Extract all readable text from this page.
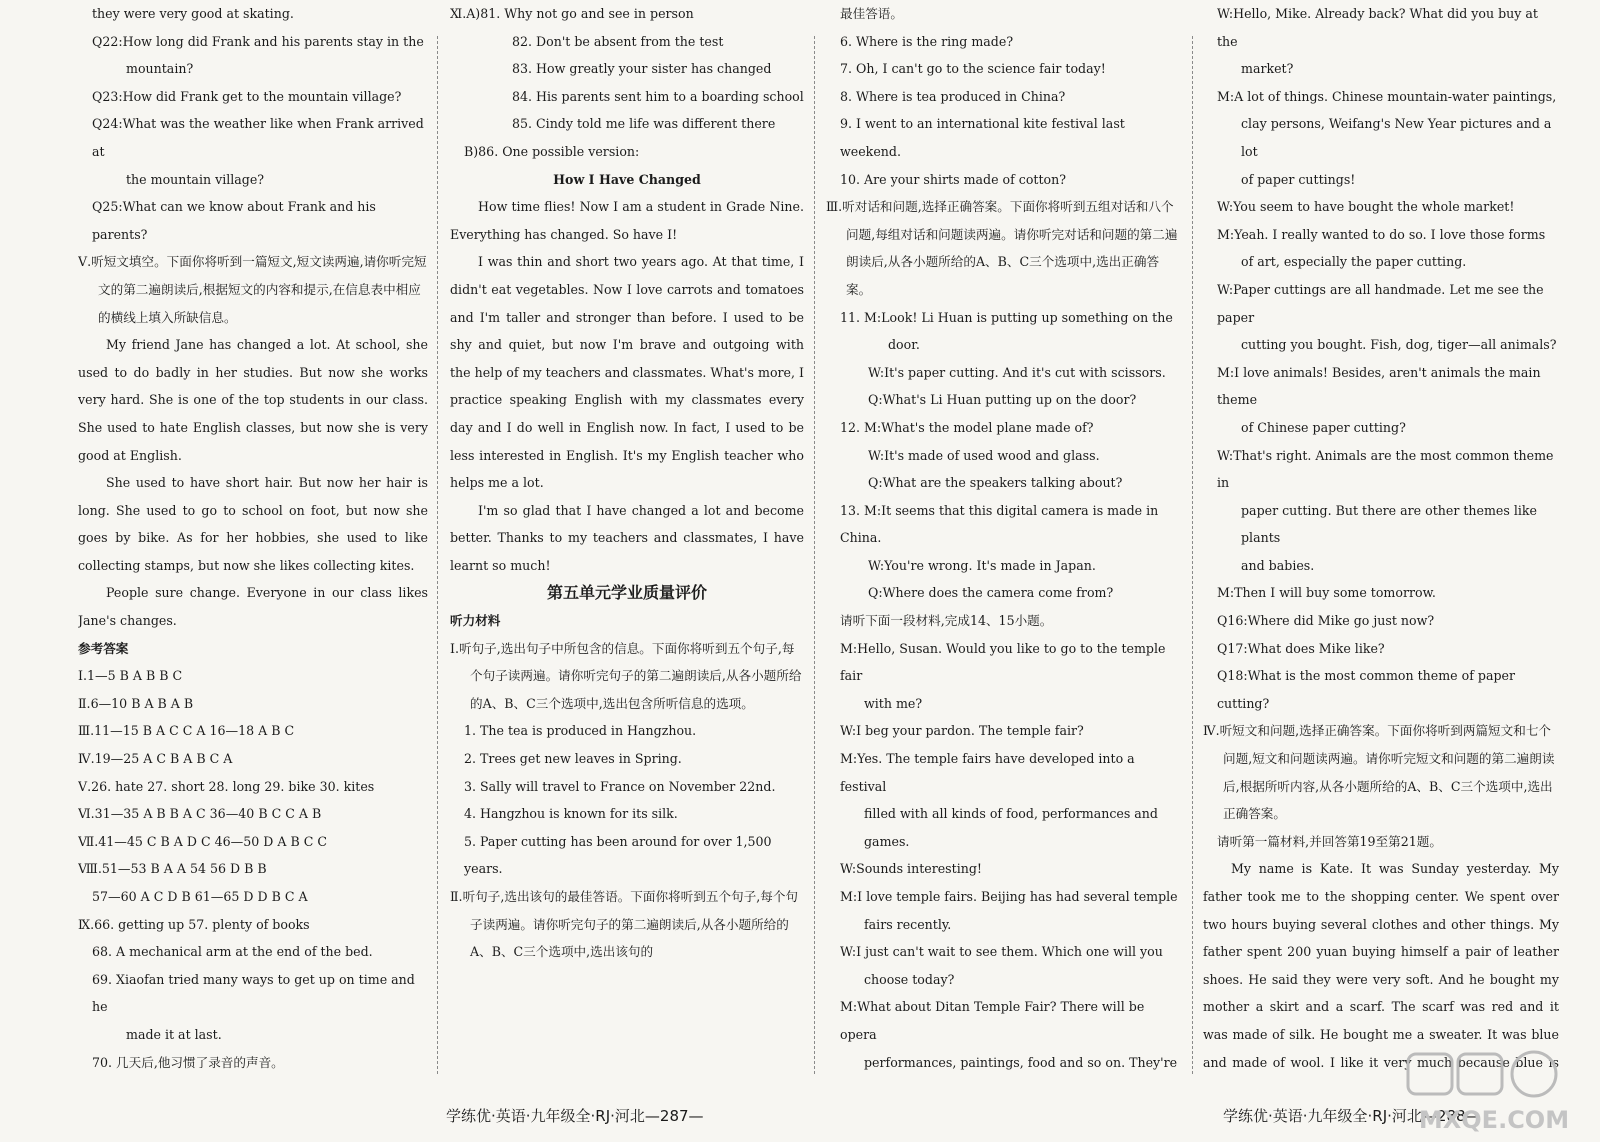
they were very good at skating.

Q22:How long did Frank and his parents stay in the

mountain?

Q23:How did Frank get to the mountain village?

Q24:What was the weather like when Frank arrived at

the mountain village?

Q25:What can we know about Frank and his parents?

Ⅴ.听短文填空。下面你将听到一篇短文,短文读两遍,请你听完短文的第二遍朗读后,根据短文的内容和提示,在信息表中相应的横线上填入所缺信息。

My friend Jane has changed a lot. At school, she used to do badly in her studies. But now she works very hard. She is one of the top students in our class. She used to hate English classes, but now she is very good at English.

She used to have short hair. But now her hair is long. She used to go to school on foot, but now she goes by bike. As for her hobbies, she used to like collecting stamps, but now she likes collecting kites.

People sure change. Everyone in our class likes Jane's changes.

参考答案

Ⅰ.1—5 B A B B C

Ⅱ.6—10 B A B A B

Ⅲ.11—15 B A C C A 16—18 A B C

Ⅳ.19—25 A C B A B C A

Ⅴ.26. hate 27. short 28. long 29. bike 30. kites

Ⅵ.31—35 A B B A C 36—40 B C C A B

Ⅶ.41—45 C B A D C 46—50 D A B C C

Ⅷ.51—53 B A A 54 56 D B B

57—60 A C D B 61—65 D D B C A

Ⅸ.66. getting up 57. plenty of books

68. A mechanical arm at the end of the bed.

69. Xiaofan tried many ways to get up on time and he

made it at last.

70. 几天后,他习惯了录音的声音。

Ⅺ.A)81. Why not go and see in person

82. Don't be absent from the test

83. How greatly your sister has changed

84. His parents sent him to a boarding school

85. Cindy told me life was different there

B)86. One possible version:

How I Have Changed

How time flies! Now I am a student in Grade Nine. Everything has changed. So have I!

I was thin and short two years ago. At that time, I didn't eat vegetables. Now I love carrots and tomatoes and I'm taller and stronger than before. I used to be shy and quiet, but now I'm brave and outgoing with the help of my teachers and classmates. What's more, I practice speaking English with my classmates every day and I do well in English now. In fact, I used to be less interested in English. It's my English teacher who helps me a lot.

I'm so glad that I have changed a lot and become better. Thanks to my teachers and classmates, I have learnt so much!

第五单元学业质量评价

听力材料

Ⅰ.听句子,选出句子中所包含的信息。下面你将听到五个句子,每个句子读两遍。请你听完句子的第二遍朗读后,从各小题所给的A、B、C三个选项中,选出包含所听信息的选项。

1. The tea is produced in Hangzhou.

2. Trees get new leaves in Spring.

3. Sally will travel to France on November 22nd.

4. Hangzhou is known for its silk.

5. Paper cutting has been around for over 1,500 years.

Ⅱ.听句子,选出该句的最佳答语。下面你将听到五个句子,每个句子读两遍。请你听完句子的第二遍朗读后,从各小题所给的A、B、C三个选项中,选出该句的

最佳答语。

6. Where is the ring made?

7. Oh, I can't go to the science fair today!

8. Where is tea produced in China?

9. I went to an international kite festival last weekend.

10. Are your shirts made of cotton?

Ⅲ.听对话和问题,选择正确答案。下面你将听到五组对话和八个问题,每组对话和问题读两遍。请你听完对话和问题的第二遍朗读后,从各小题所给的A、B、C三个选项中,选出正确答案。

11. M:Look! Li Huan is putting up something on the

door.

W:It's paper cutting. And it's cut with scissors.

Q:What's Li Huan putting up on the door?

12. M:What's the model plane made of?

W:It's made of used wood and glass.

Q:What are the speakers talking about?

13. M:It seems that this digital camera is made in China.

W:You're wrong. It's made in Japan.

Q:Where does the camera come from?

请听下面一段材料,完成14、15小题。

M:Hello, Susan. Would you like to go to the temple fair

with me?

W:I beg your pardon. The temple fair?

M:Yes. The temple fairs have developed into a festival

filled with all kinds of food, performances and games.

W:Sounds interesting!

M:I love temple fairs. Beijing has had several temple

fairs recently.

W:I just can't wait to see them. Which one will you

choose today?

M:What about Ditan Temple Fair? There will be opera

performances, paintings, food and so on. They're

W:Hello, Mike. Already back? What did you buy at the

market?

M:A lot of things. Chinese mountain-water paintings,

clay persons, Weifang's New Year pictures and a lot

of paper cuttings!

W:You seem to have bought the whole market!

M:Yeah. I really wanted to do so. I love those forms

of art, especially the paper cutting.

W:Paper cuttings are all handmade. Let me see the paper

cutting you bought. Fish, dog, tiger—all animals?

M:I love animals! Besides, aren't animals the main theme

of Chinese paper cutting?

W:That's right. Animals are the most common theme in

paper cutting. But there are other themes like plants

and babies.

M:Then I will buy some tomorrow.

Q16:Where did Mike go just now?

Q17:What does Mike like?

Q18:What is the most common theme of paper cutting?

Ⅳ.听短文和问题,选择正确答案。下面你将听到两篇短文和七个问题,短文和问题读两遍。请你听完短文和问题的第二遍朗读后,根据所听内容,从各小题所给的A、B、C三个选项中,选出正确答案。

请听第一篇材料,并回答第19至第21题。

My name is Kate. It was Sunday yesterday. My father took me to the shopping center. We spent over two hours buying several clothes and other things. My father spent 200 yuan buying himself a pair of leather shoes. He said they were very soft. And he bought my mother a skirt and a scarf. The scarf was red and it was made of silk. He bought me a sweater. It was blue and made of wool. I like it very much because blue is

学练优·英语·九年级全·RJ·河北—287—	学练优·英语·九年级全·RJ·河北—288—
MXQE.COM
